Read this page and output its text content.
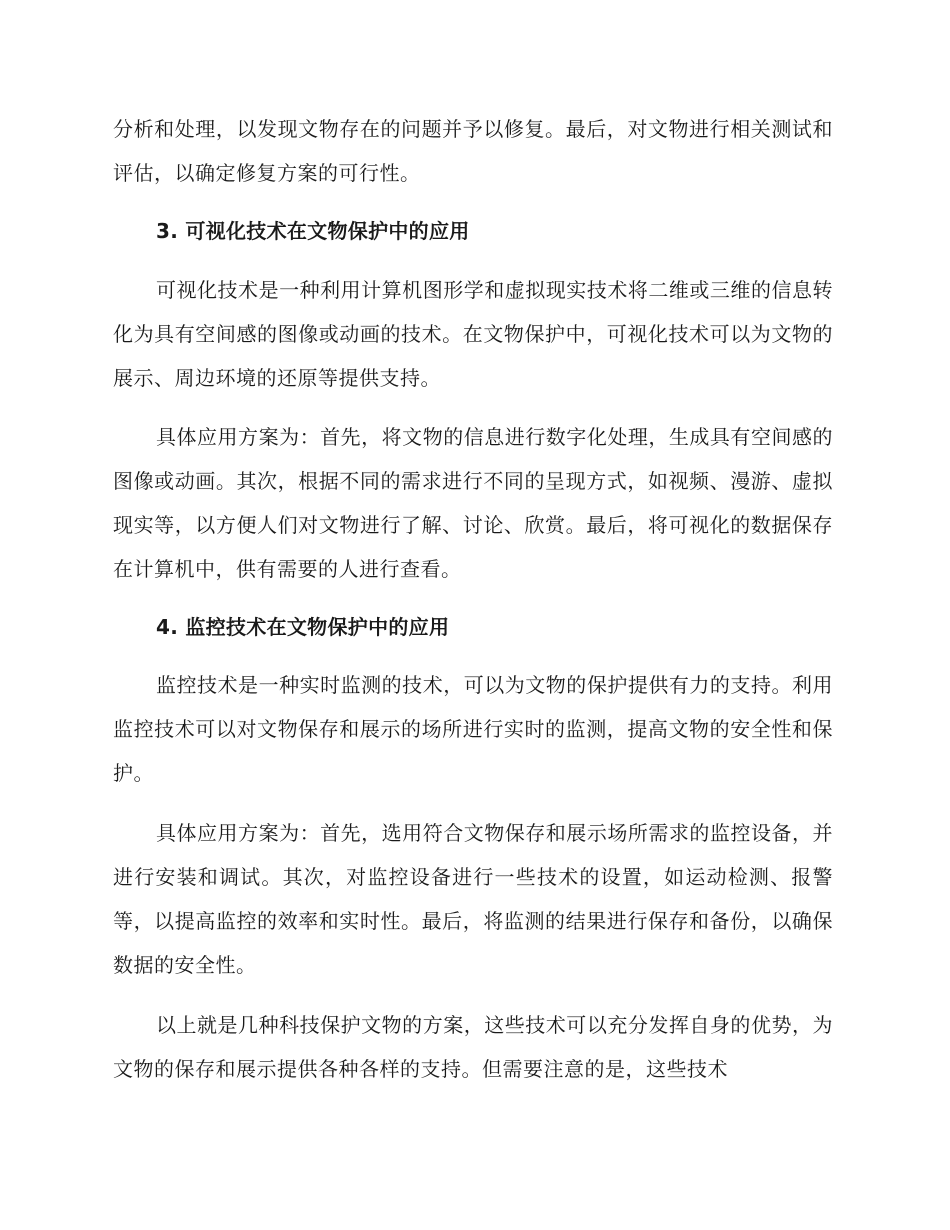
分析和处理，以发现文物存在的问题并予以修复。最后，对文物进行相关测试和评估，以确定修复方案的可行性。

3. 可视化技术在文物保护中的应用

可视化技术是一种利用计算机图形学和虚拟现实技术将二维或三维的信息转化为具有空间感的图像或动画的技术。在文物保护中，可视化技术可以为文物的展示、周边环境的还原等提供支持。

具体应用方案为：首先，将文物的信息进行数字化处理，生成具有空间感的图像或动画。其次，根据不同的需求进行不同的呈现方式，如视频、漫游、虚拟现实等，以方便人们对文物进行了解、讨论、欣赏。最后，将可视化的数据保存在计算机中，供有需要的人进行查看。

4. 监控技术在文物保护中的应用

监控技术是一种实时监测的技术，可以为文物的保护提供有力的支持。利用监控技术可以对文物保存和展示的场所进行实时的监测，提高文物的安全性和保护。

具体应用方案为：首先，选用符合文物保存和展示场所需求的监控设备，并进行安装和调试。其次，对监控设备进行一些技术的设置，如运动检测、报警等，以提高监控的效率和实时性。最后，将监测的结果进行保存和备份，以确保数据的安全性。

以上就是几种科技保护文物的方案，这些技术可以充分发挥自身的优势，为文物的保存和展示提供各种各样的支持。但需要注意的是，这些技术
